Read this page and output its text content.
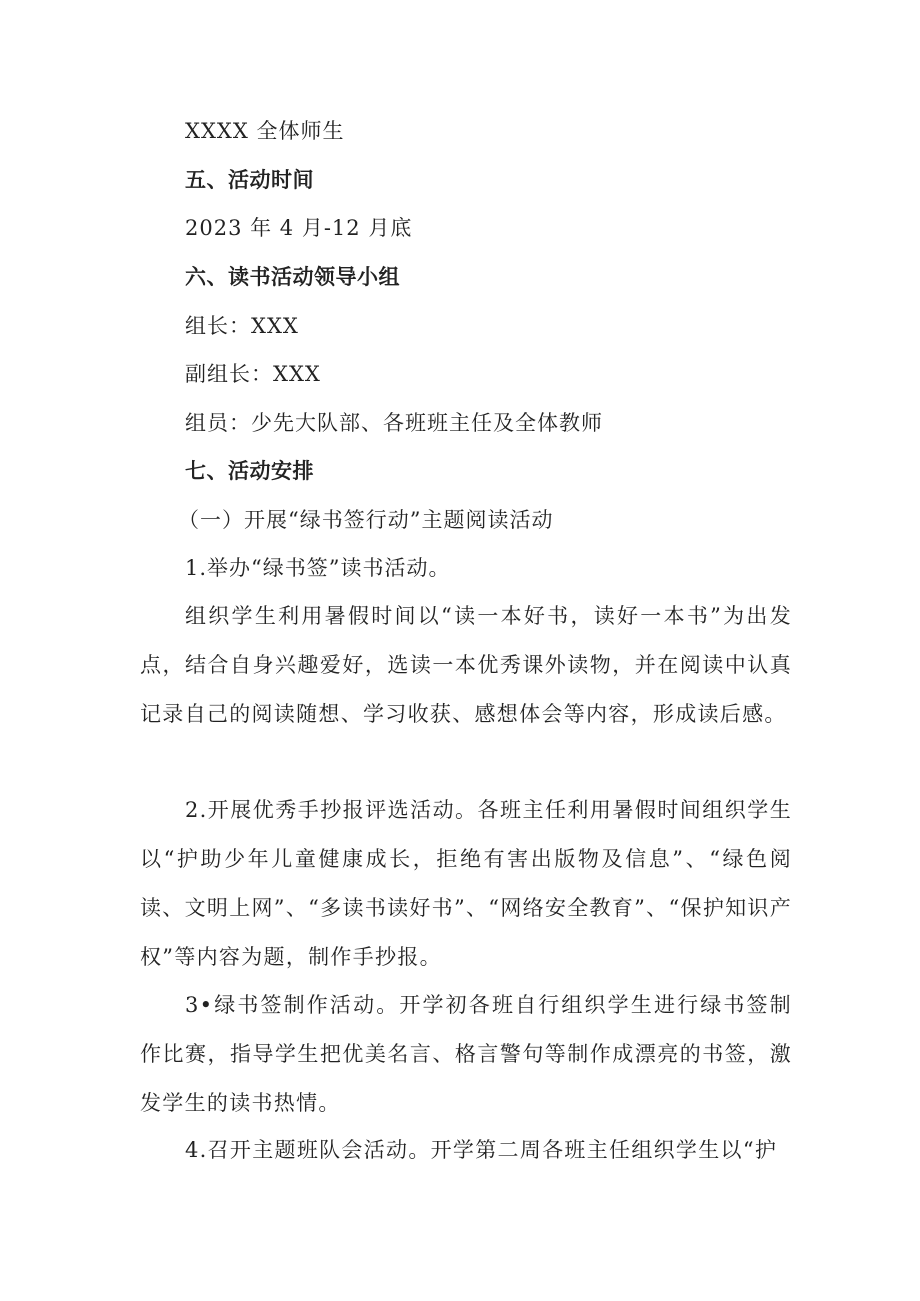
XXXX 全体师生
五、活动时间
2023 年 4 月-12 月底
六、读书活动领导小组
组长：XXX
副组长：XXX
组员：少先大队部、各班班主任及全体教师
七、活动安排
（一）开展“绿书签行动”主题阅读活动
1.举办“绿书签”读书活动。

组织学生利用暑假时间以“读一本好书，读好一本书”为出发点，结合自身兴趣爱好，选读一本优秀课外读物，并在阅读中认真记录自己的阅读随想、学习收获、感想体会等内容，形成读后感。

2.开展优秀手抄报评选活动。各班主任利用暑假时间组织学生以“护助少年儿童健康成长，拒绝有害出版物及信息”、“绿色阅读、文明上网”、“多读书读好书”、“网络安全教育”、“保护知识产权”等内容为题，制作手抄报。

3•绿书签制作活动。开学初各班自行组织学生进行绿书签制作比赛，指导学生把优美名言、格言警句等制作成漂亮的书签，激发学生的读书热情。

4.召开主题班队会活动。开学第二周各班主任组织学生以“护
